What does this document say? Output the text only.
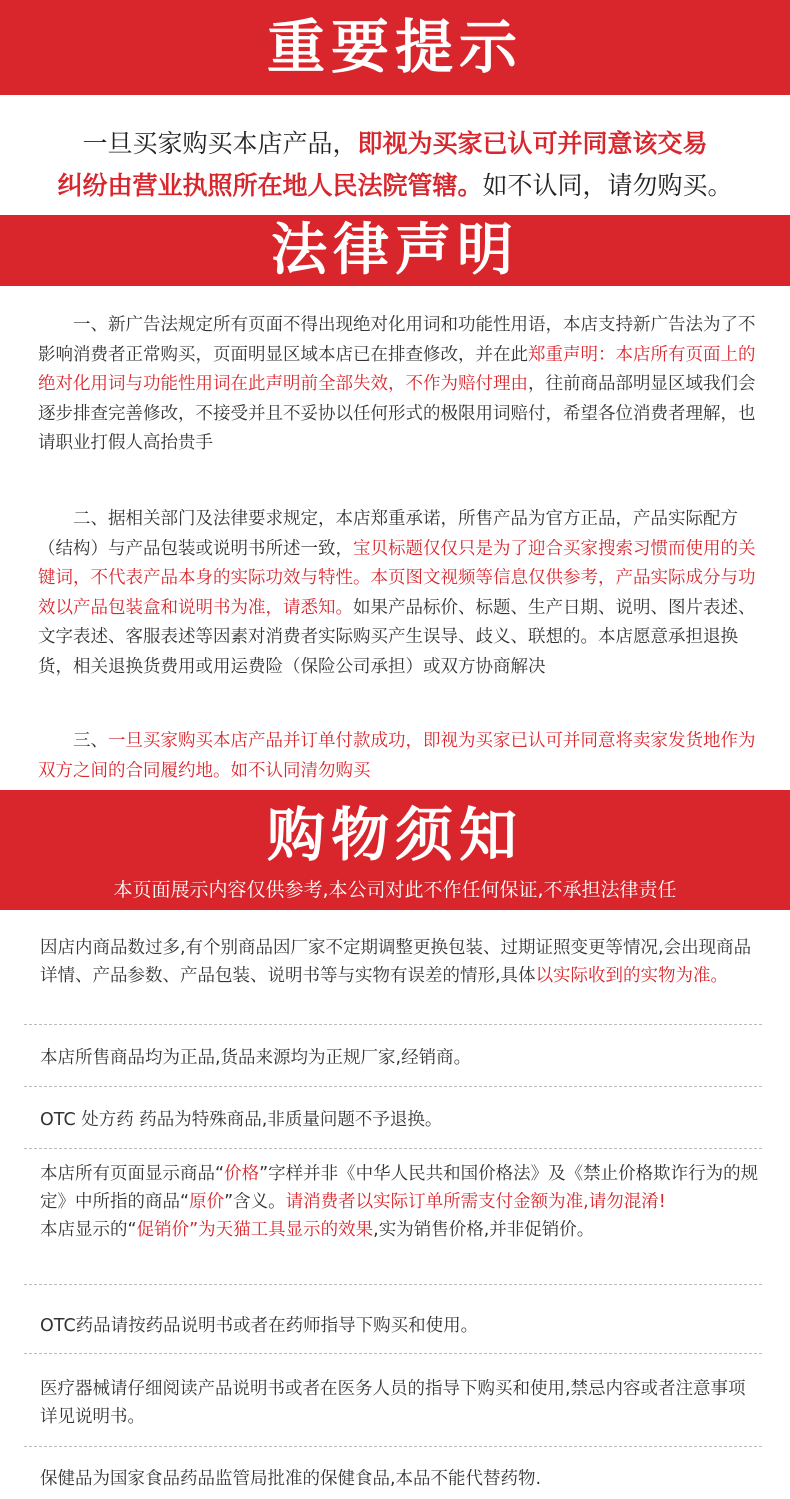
重要提示
一旦买家购买本店产品，即视为买家已认可并同意该交易
纠纷由营业执照所在地人民法院管辖。如不认同，请勿购买。
法律声明

一、新广告法规定所有页面不得出现绝对化用词和功能性用语，本店支持新广告法为了不影响消费者正常购买，页面明显区域本店已在排查修改，并在此郑重声明：本店所有页面上的绝对化用词与功能性用词在此声明前全部失效，不作为赔付理由，往前商品部明显区域我们会逐步排查完善修改，不接受并且不妥协以任何形式的极限用词赔付，希望各位消费者理解，也请职业打假人高抬贵手

二、据相关部门及法律要求规定，本店郑重承诺，所售产品为官方正品，产品实际配方（结构）与产品包装或说明书所述一致，宝贝标题仅仅只是为了迎合买家搜索习惯而使用的关键词，不代表产品本身的实际功效与特性。本页图文视频等信息仅供参考，产品实际成分与功效以产品包装盒和说明书为准，请悉知。如果产品标价、标题、生产日期、说明、图片表述、文字表述、客服表述等因素对消费者实际购买产生误导、歧义、联想的。本店愿意承担退换货，相关退换货费用或用运费险（保险公司承担）或双方协商解决

三、一旦买家购买本店产品并订单付款成功，即视为买家已认可并同意将卖家发货地作为双方之间的合同履约地。如不认同清勿购买

购物须知
本页面展示内容仅供参考,本公司对此不作任何保证,不承担法律责任
因店内商品数过多,有个别商品因厂家不定期调整更换包装、过期证照变更等情况,会出现商品详情、产品参数、产品包装、说明书等与实物有误差的情形,具体以实际收到的实物为准。
本店所售商品均为正品,货品来源均为正规厂家,经销商。
OTC 处方药 药品为特殊商品,非质量问题不予退换。
本店所有页面显示商品“价格”字样并非《中华人民共和国价格法》及《禁止价格欺诈行为的规定》中所指的商品“原价”含义。请消费者以实际订单所需支付金额为准,请勿混淆!
本店显示的“促销价”为天猫工具显示的效果,实为销售价格,并非促销价。
OTC药品请按药品说明书或者在药师指导下购买和使用。
医疗器械请仔细阅读产品说明书或者在医务人员的指导下购买和使用,禁忌内容或者注意事项详见说明书。
保健品为国家食品药品监管局批准的保健食品,本品不能代替药物.
